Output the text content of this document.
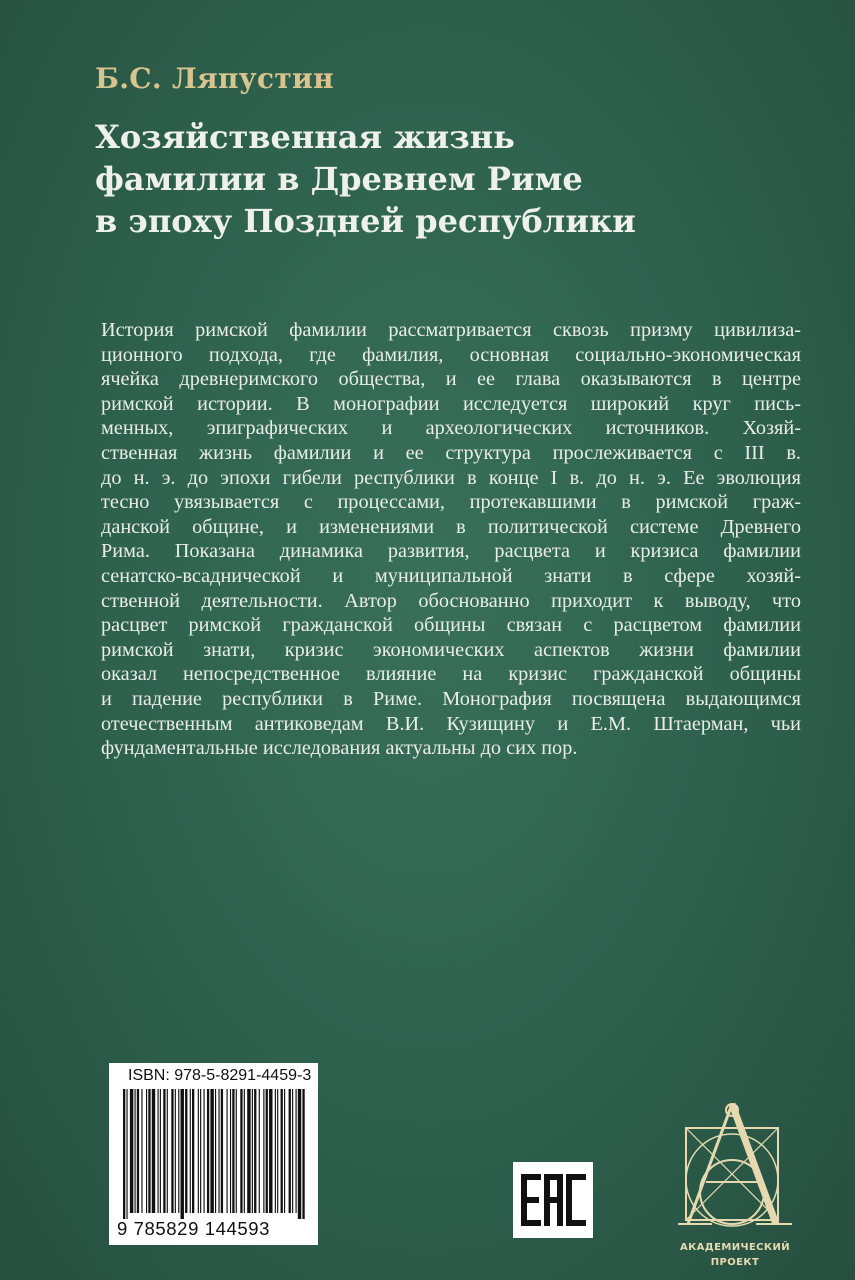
Б.С. Ляпустин
Хозяйственная жизнь
фамилии в Древнем Риме
в эпоху Поздней республики
История римской фамилии рассматривается сквозь призму цивилиза-
ционного подхода, где фамилия, основная социально-экономическая
ячейка древнеримского общества, и ее глава оказываются в центре
римской истории. В монографии исследуется широкий круг пись-
менных, эпиграфических и археологических источников. Хозяй-
ственная жизнь фамилии и ее структура прослеживается с III в.
до н. э. до эпохи гибели республики в конце I в. до н. э. Ее эволюция
тесно увязывается с процессами, протекавшими в римской граж-
данской общине, и изменениями в политической системе Древнего
Рима. Показана динамика развития, расцвета и кризиса фамилии
сенатско-всаднической и муниципальной знати в сфере хозяй-
ственной деятельности. Автор обоснованно приходит к выводу, что
расцвет римской гражданской общины связан с расцветом фамилии
римской знати, кризис экономических аспектов жизни фамилии
оказал непосредственное влияние на кризис гражданской общины
и падение республики в Риме. Монография посвящена выдающимся
отечественным антиковедам В.И. Кузищину и Е.М. Штаерман, чьи
фундаментальные исследования актуальны до сих пор.
ISBN: 978-5-8291-4459-3
9 785829 144593
АКАДЕМИЧЕСКИЙ
ПРОЕКТ
